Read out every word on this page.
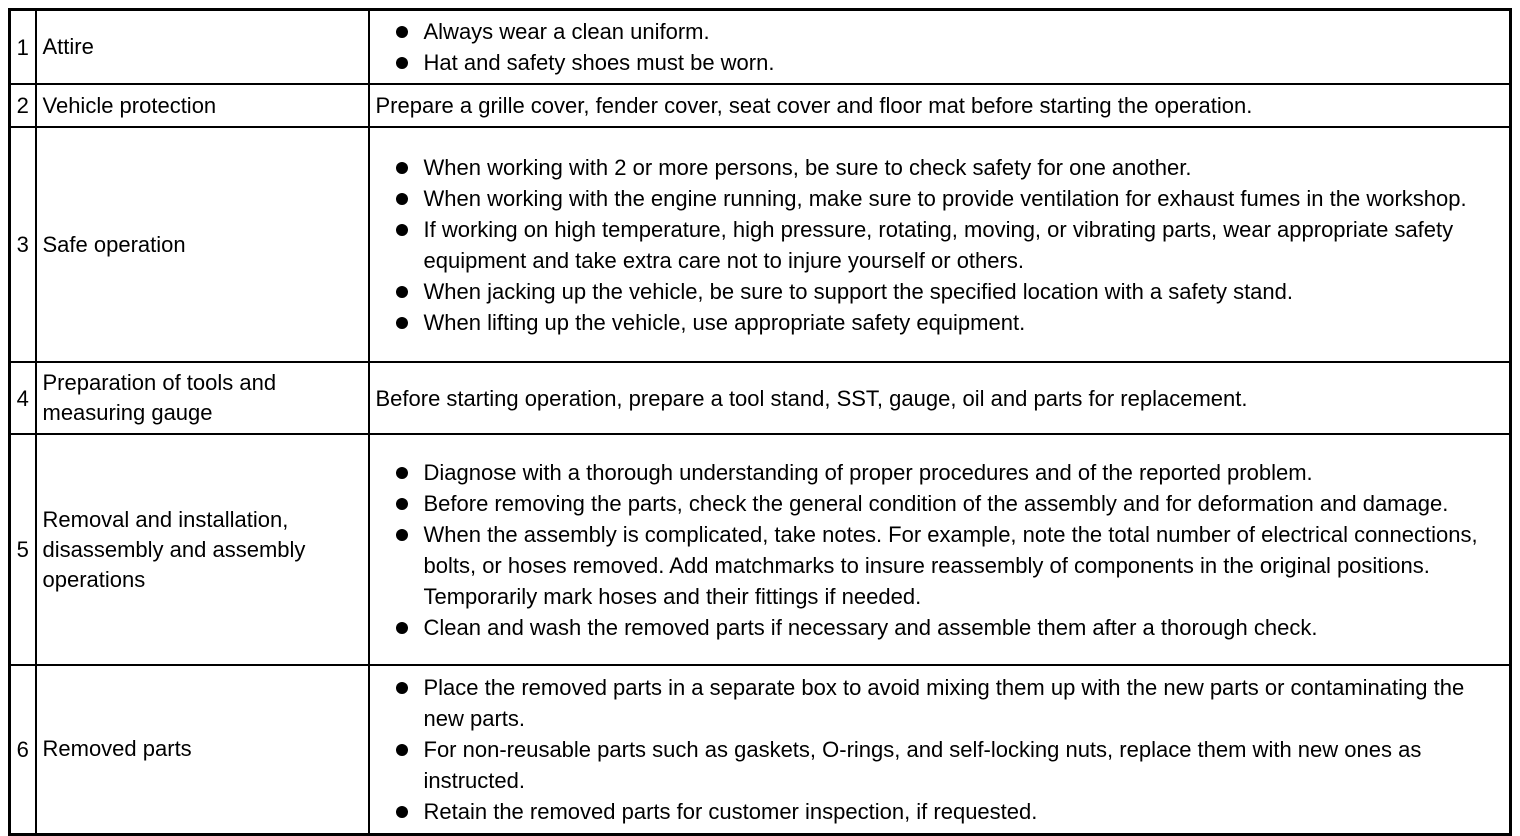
1	Attire	Always wear a clean uniform.
Hat and safety shoes must be worn.

2	Vehicle protection	Prepare a grille cover, fender cover, seat cover and floor mat before starting the operation.

3	Safe operation	When working with 2 or more persons, be sure to check safety for one another.
When working with the engine running, make sure to provide ventilation for exhaust fumes in the workshop.
If working on high temperature, high pressure, rotating, moving, or vibrating parts, wear appropriate safety equipment and take extra care not to injure yourself or others.
When jacking up the vehicle, be sure to support the specified location with a safety stand.
When lifting up the vehicle, use appropriate safety equipment.

4	Preparation of tools and measuring gauge	Before starting operation, prepare a tool stand, SST, gauge, oil and parts for replacement.

5	Removal and installation, disassembly and assembly operations	Diagnose with a thorough understanding of proper procedures and of the reported problem.
Before removing the parts, check the general condition of the assembly and for deformation and damage.
When the assembly is complicated, take notes. For example, note the total number of electrical connections, bolts, or hoses removed. Add matchmarks to insure reassembly of components in the original positions. Temporarily mark hoses and their fittings if needed.
Clean and wash the removed parts if necessary and assemble them after a thorough check.

6	Removed parts	Place the removed parts in a separate box to avoid mixing them up with the new parts or contaminating the new parts.
For non-reusable parts such as gaskets, O-rings, and self-locking nuts, replace them with new ones as instructed.
Retain the removed parts for customer inspection, if requested.
